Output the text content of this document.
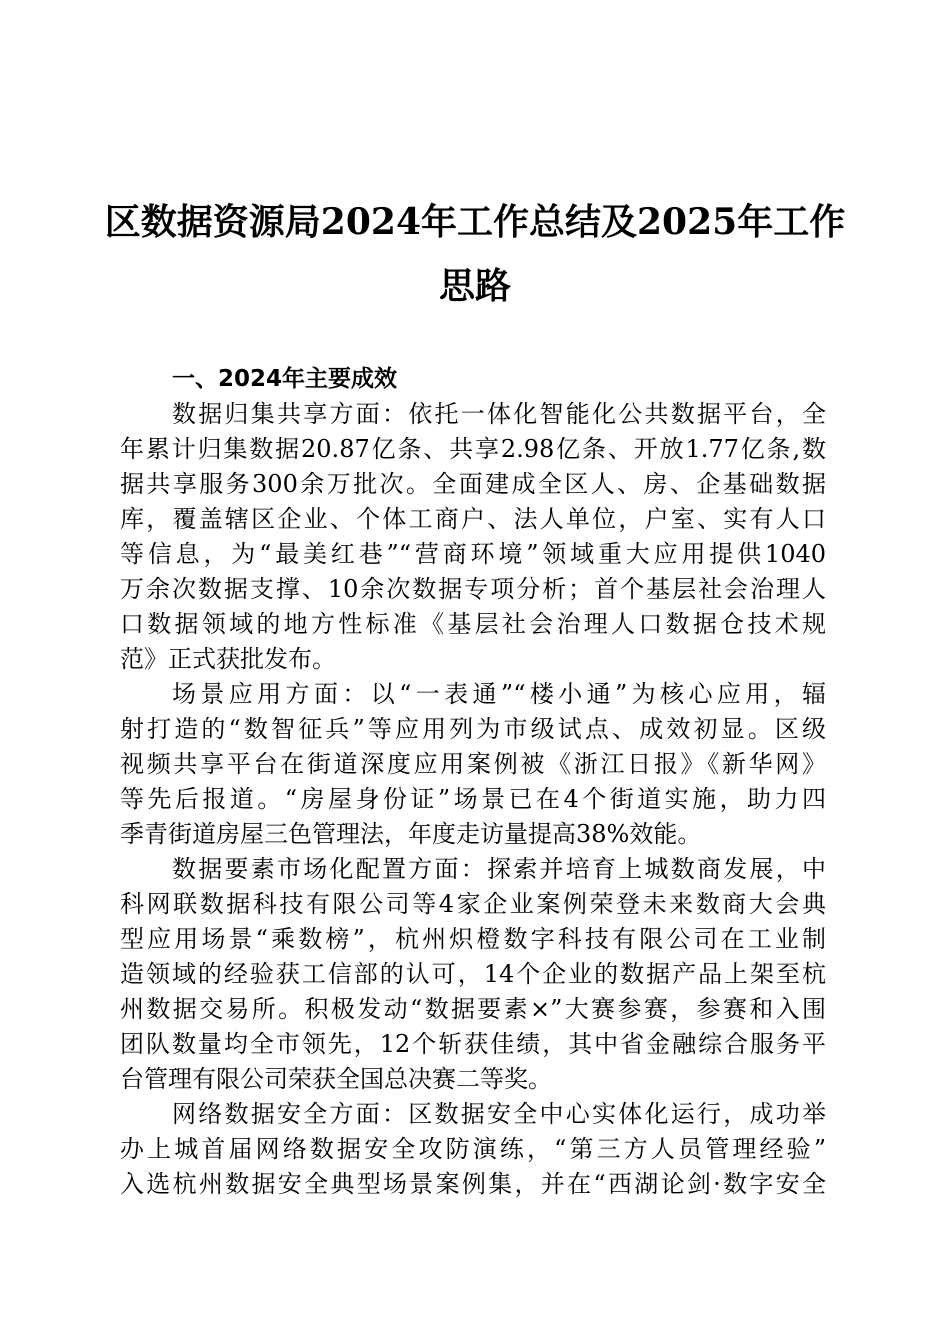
区数据资源局2024年工作总结及2025年工作
思路
一、2024年主要成效

数据归集共享方面：依托一体化智能化公共数据平台，全
年累计归集数据20.87亿条、共享2.98亿条、开放1.77亿条,数
据共享服务300余万批次。全面建成全区人、房、企基础数据
库，覆盖辖区企业、个体工商户、法人单位，户室、实有人口
等信息，为“最美红巷”“营商环境”领域重大应用提供1040
万余次数据支撑、10余次数据专项分析；首个基层社会治理人
口数据领域的地方性标准《基层社会治理人口数据仓技术规
范》正式获批发布。

场景应用方面：以“一表通”“楼小通”为核心应用，辐
射打造的“数智征兵”等应用列为市级试点、成效初显。区级
视频共享平台在街道深度应用案例被《浙江日报》《新华网》
等先后报道。“房屋身份证”场景已在4个街道实施，助力四
季青街道房屋三色管理法，年度走访量提高38%效能。

数据要素市场化配置方面：探索并培育上城数商发展，中
科网联数据科技有限公司等4家企业案例荣登未来数商大会典
型应用场景“乘数榜”，杭州炽橙数字科技有限公司在工业制
造领域的经验获工信部的认可，14个企业的数据产品上架至杭
州数据交易所。积极发动“数据要素×”大赛参赛，参赛和入围
团队数量均全市领先，12个斩获佳绩，其中省金融综合服务平
台管理有限公司荣获全国总决赛二等奖。

网络数据安全方面：区数据安全中心实体化运行，成功举
办上城首届网络数据安全攻防演练，“第三方人员管理经验”
入选杭州数据安全典型场景案例集，并在“西湖论剑·数字安全
